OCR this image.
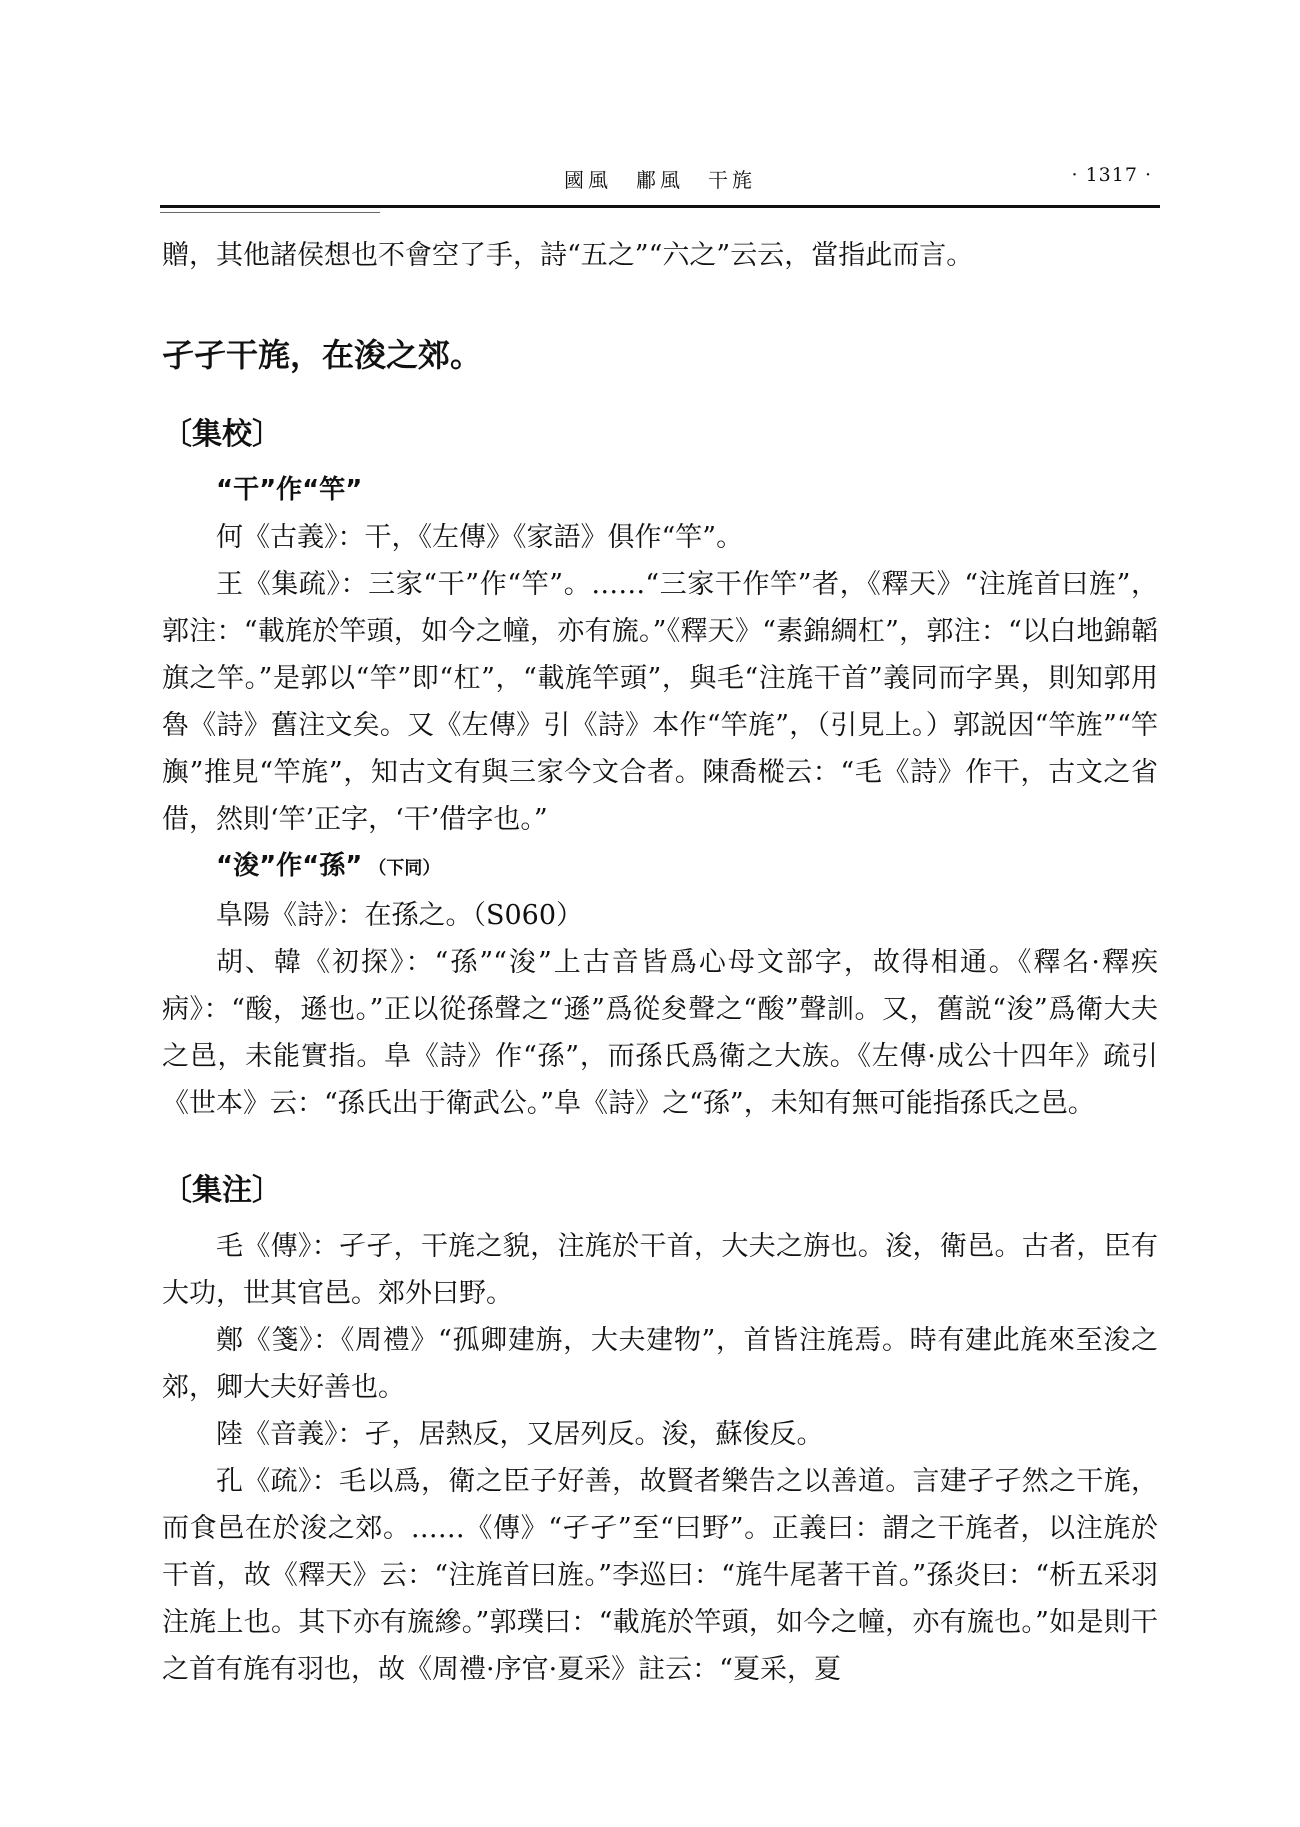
國風　鄘風　干旄	· 1317 ·

贈，其他諸侯想也不會空了手，詩“五之”“六之”云云，當指此而言。

孑孑干旄，在浚之郊。
〔集校〕

“干”作“竿”

何《古義》：干，《左傳》《家語》俱作“竿”。

王《集疏》：三家“干”作“竿”。……“三家干作竿”者，《釋天》“注旄首曰旌”，郭注：“載旄於竿頭，如今之幢，亦有旒。”《釋天》“素錦綢杠”，郭注：“以白地錦韜旗之竿。”是郭以“竿”即“杠”，“載旄竿頭”，與毛“注旄干首”義同而字異，則知郭用魯《詩》舊注文矣。又《左傳》引《詩》本作“竿旄”，（引見上。）郭説因“竿旌”“竿旟”推見“竿旄”，知古文有與三家今文合者。陳喬樅云：“毛《詩》作干，古文之省借，然則‘竿’正字，‘干’借字也。”

“浚”作“孫” （下同）

阜陽《詩》：在孫之。（S060）

胡、韓《初探》：“孫”“浚”上古音皆爲心母文部字，故得相通。《釋名·釋疾病》：“酸，遜也。”正以從孫聲之“遜”爲從夋聲之“酸”聲訓。又，舊説“浚”爲衛大夫之邑，未能實指。阜《詩》作“孫”，而孫氏爲衛之大族。《左傳·成公十四年》疏引《世本》云：“孫氏出于衛武公。”阜《詩》之“孫”，未知有無可能指孫氏之邑。

〔集注〕

毛《傳》：孑孑，干旄之貌，注旄於干首，大夫之旃也。浚，衛邑。古者，臣有大功，世其官邑。郊外曰野。

鄭《箋》：《周禮》“孤卿建旃，大夫建物”，首皆注旄焉。時有建此旄來至浚之郊，卿大夫好善也。

陸《音義》：孑，居熱反，又居列反。浚，蘇俊反。

孔《疏》：毛以爲，衛之臣子好善，故賢者樂告之以善道。言建孑孑然之干旄，而食邑在於浚之郊。……《傳》“孑孑”至“曰野”。正義曰：謂之干旄者，以注旄於干首，故《釋天》云：“注旄首曰旌。”李巡曰：“旄牛尾著干首。”孫炎曰：“析五采羽注旄上也。其下亦有旒縿。”郭璞曰：“載旄於竿頭，如今之幢，亦有旒也。”如是則干之首有旄有羽也，故《周禮·序官·夏采》註云：“夏采，夏
